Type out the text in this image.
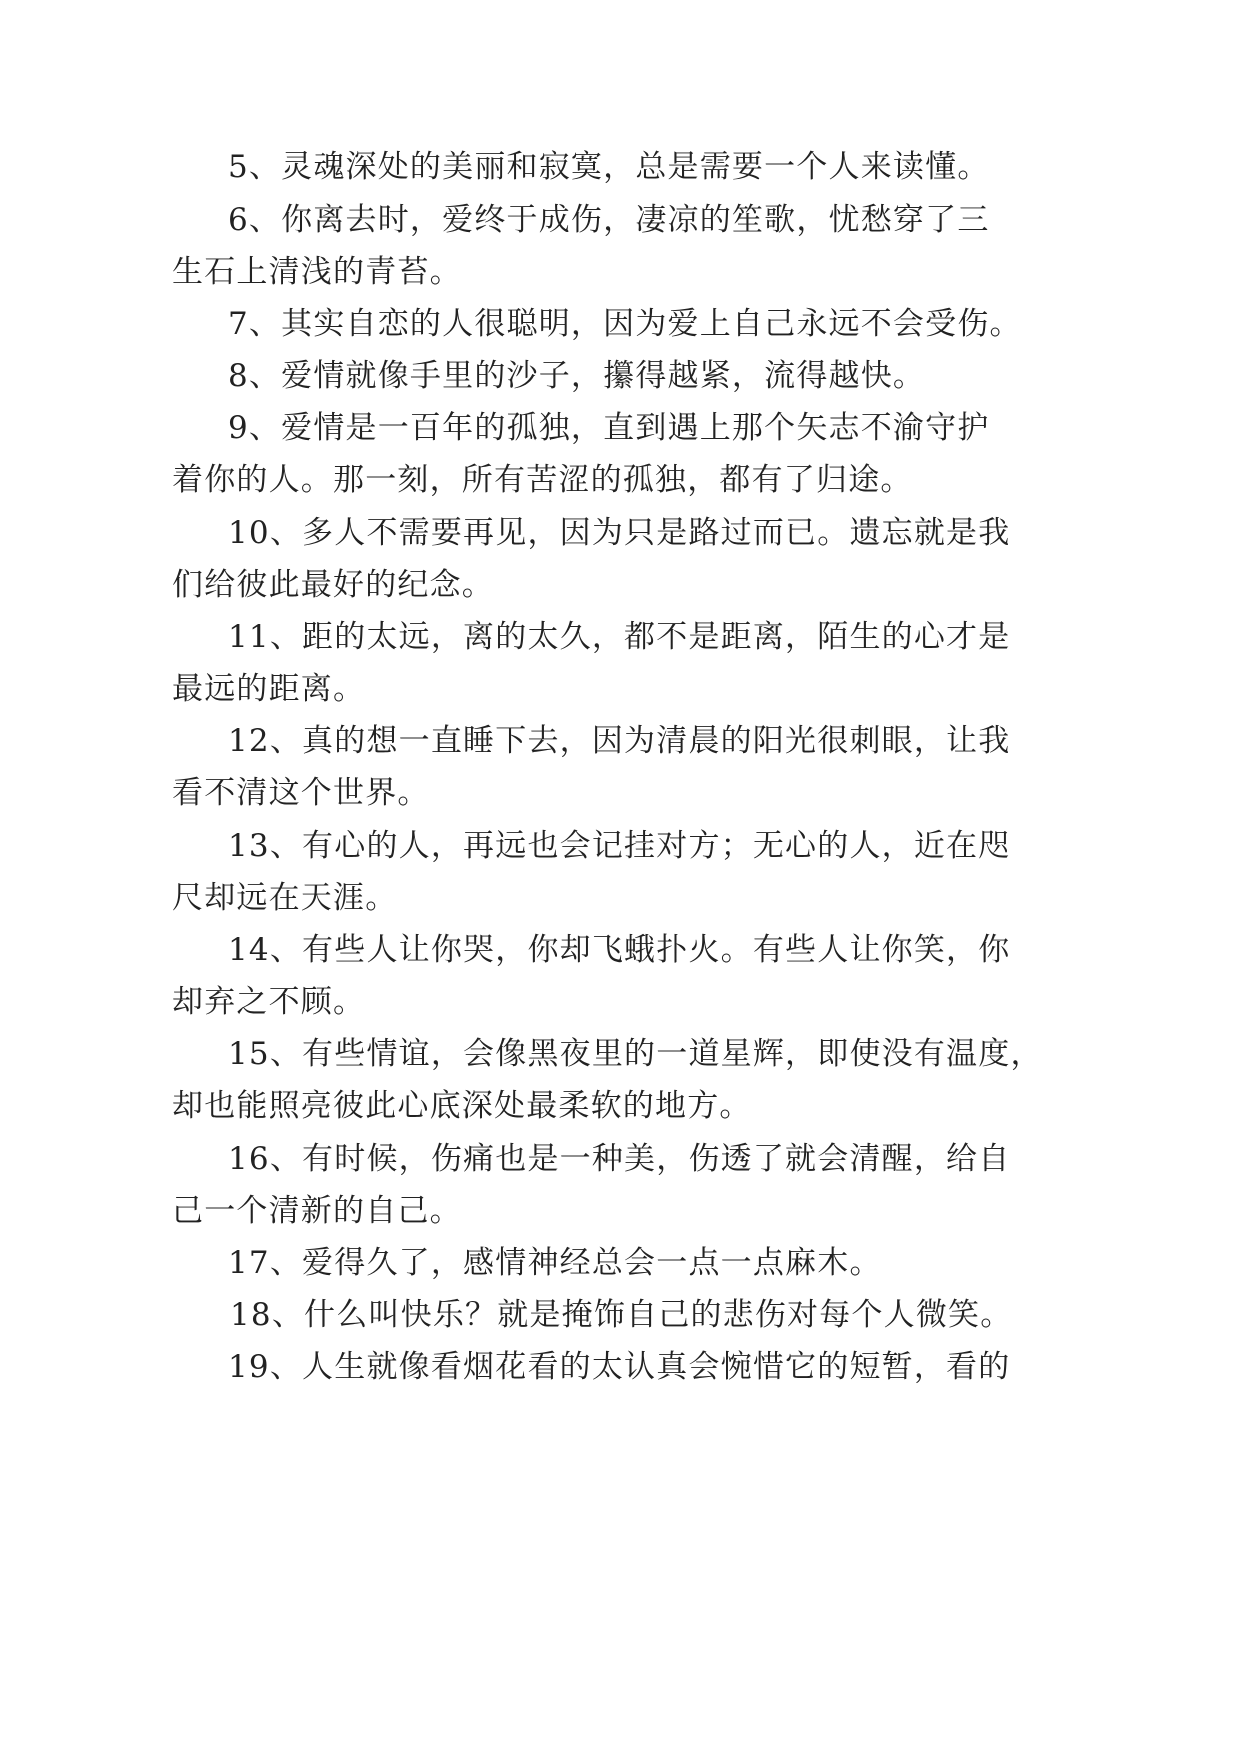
5、灵魂深处的美丽和寂寞，总是需要一个人来读懂。
6、你离去时，爱终于成伤，凄凉的笙歌，忧愁穿了三
生石上清浅的青苔。
7、其实自恋的人很聪明，因为爱上自己永远不会受伤。
8、爱情就像手里的沙子，攥得越紧，流得越快。
9、爱情是一百年的孤独，直到遇上那个矢志不渝守护
着你的人。那一刻，所有苦涩的孤独，都有了归途。
10、多人不需要再见，因为只是路过而已。遗忘就是我
们给彼此最好的纪念。
11、距的太远，离的太久，都不是距离，陌生的心才是
最远的距离。
12、真的想一直睡下去，因为清晨的阳光很刺眼，让我
看不清这个世界。
13、有心的人，再远也会记挂对方；无心的人，近在咫
尺却远在天涯。
14、有些人让你哭，你却飞蛾扑火。有些人让你笑，你
却弃之不顾。
15、有些情谊，会像黑夜里的一道星辉，即使没有温度，
却也能照亮彼此心底深处最柔软的地方。
16、有时候，伤痛也是一种美，伤透了就会清醒，给自
己一个清新的自己。
17、爱得久了，感情神经总会一点一点麻木。
18、什么叫快乐？就是掩饰自己的悲伤对每个人微笑。
19、人生就像看烟花看的太认真会惋惜它的短暂，看的
